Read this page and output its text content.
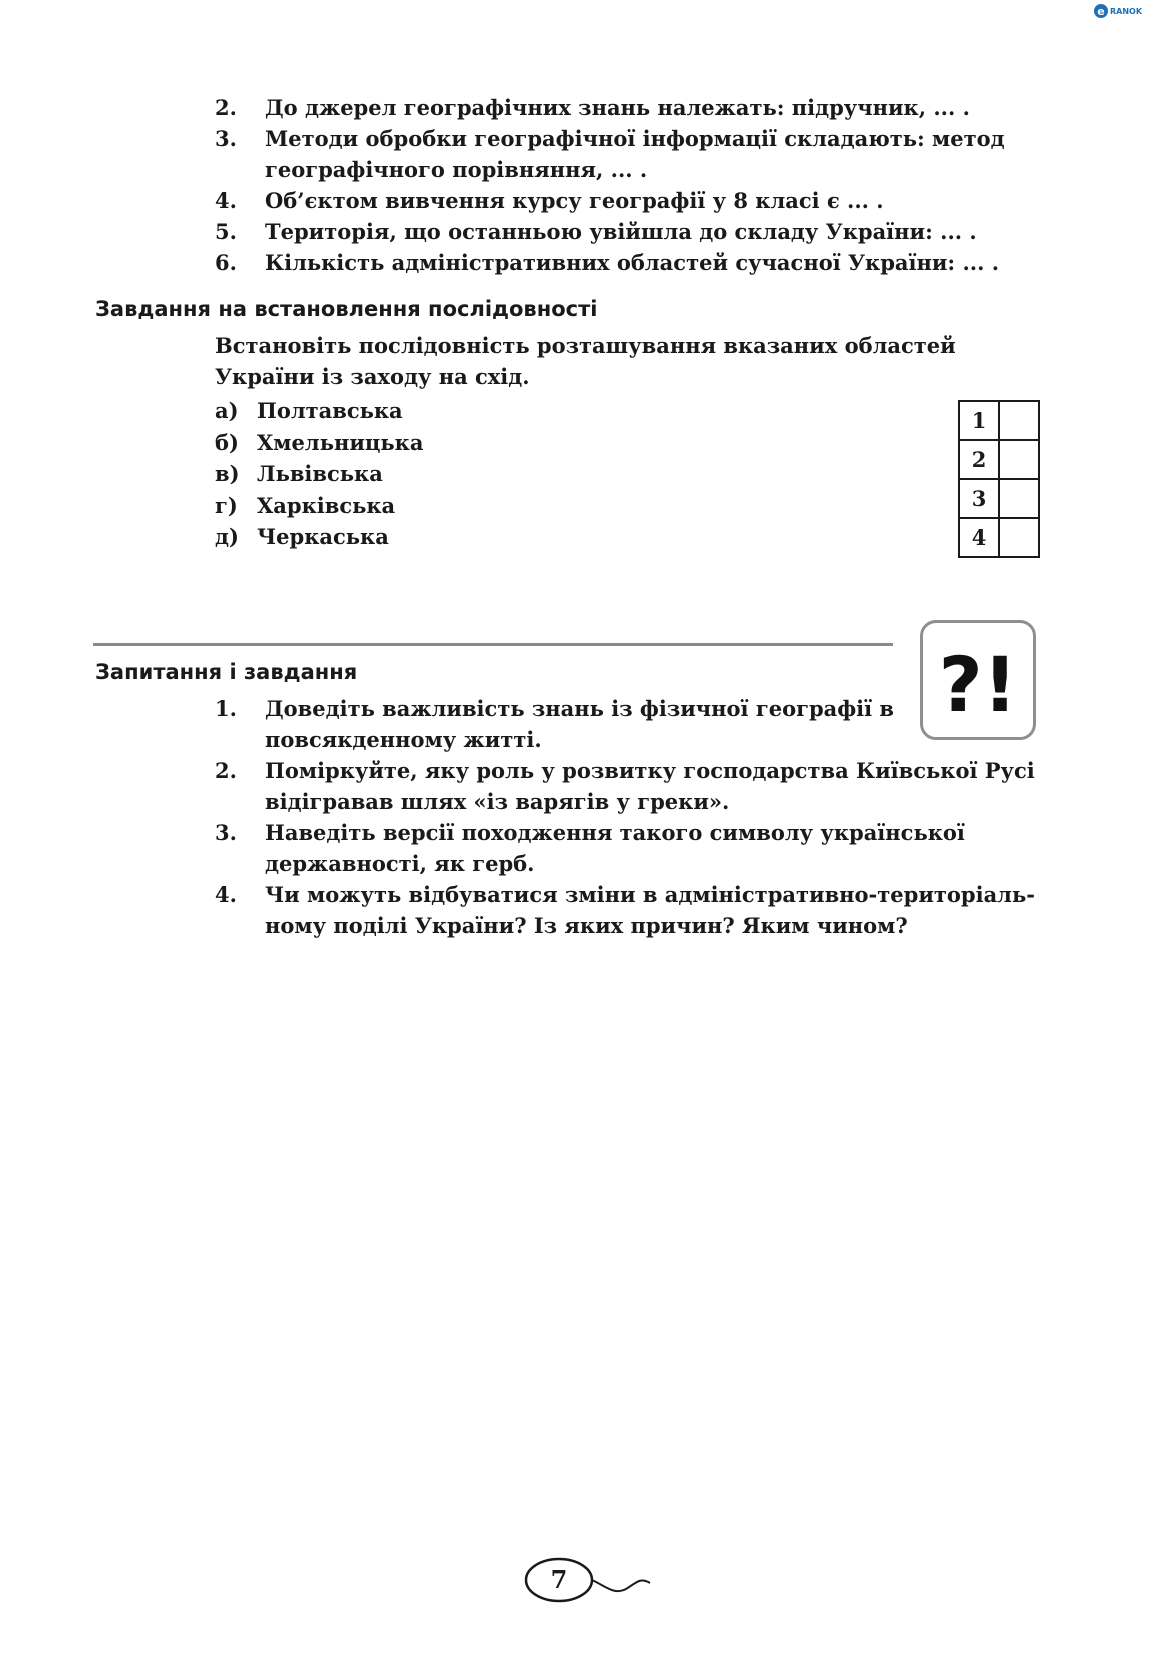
e RANOK
2.	До джерел географічних знань належать: підручник, ... .
3.	Методи обробки географічної інформації складають: метод географічного порівняння, ... .
4.	Об’єктом вивчення курсу географії у 8 класі є ... .
5.	Територія, що останньою увійшла до складу України: ... .
6.	Кількість адміністративних областей сучасної України: ... .
Завдання на встановлення послідовності
Встановіть послідовність розташування вказаних областей України із заходу на схід.
а) Полтавська
б) Хмельницька
в) Львівська
г) Харківська
д) Черкаська
1	
2	
3	
4	
?!
Запитання і завдання
1.	Доведіть важливість знань із фізичної географії в повсякденному житті.
2.	Поміркуйте, яку роль у розвитку господарства Київської Русі відігравав шлях «із варягів у греки».
3.	Наведіть версії походження такого символу української державності, як герб.
4.	Чи можуть відбуватися зміни в адміністративно-територіальному поділі України? Із яких причин? Яким чином?
7
